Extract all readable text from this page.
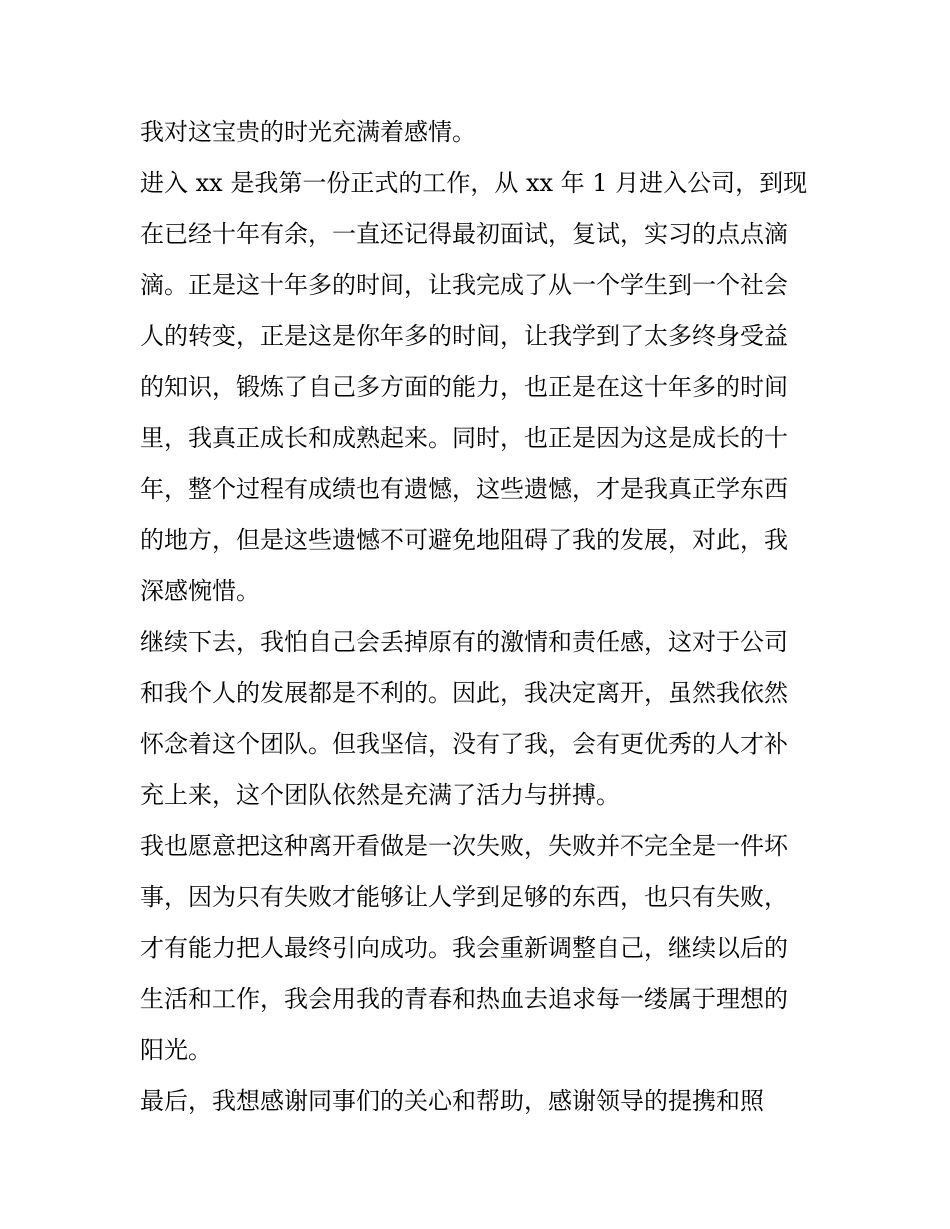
我对这宝贵的时光充满着感情。
进入 xx 是我第一份正式的工作，从 xx 年 1 月进入公司，到现
在已经十年有余，一直还记得最初面试，复试，实习的点点滴
滴。正是这十年多的时间，让我完成了从一个学生到一个社会
人的转变，正是这是你年多的时间，让我学到了太多终身受益
的知识，锻炼了自己多方面的能力，也正是在这十年多的时间
里，我真正成长和成熟起来。同时，也正是因为这是成长的十
年，整个过程有成绩也有遗憾，这些遗憾，才是我真正学东西
的地方，但是这些遗憾不可避免地阻碍了我的发展，对此，我
深感惋惜。
继续下去，我怕自己会丢掉原有的激情和责任感，这对于公司
和我个人的发展都是不利的。因此，我决定离开，虽然我依然
怀念着这个团队。但我坚信，没有了我，会有更优秀的人才补
充上来，这个团队依然是充满了活力与拼搏。
我也愿意把这种离开看做是一次失败，失败并不完全是一件坏
事，因为只有失败才能够让人学到足够的东西，也只有失败，
才有能力把人最终引向成功。我会重新调整自己，继续以后的
生活和工作，我会用我的青春和热血去追求每一缕属于理想的
阳光。
最后，我想感谢同事们的关心和帮助，感谢领导的提携和照
